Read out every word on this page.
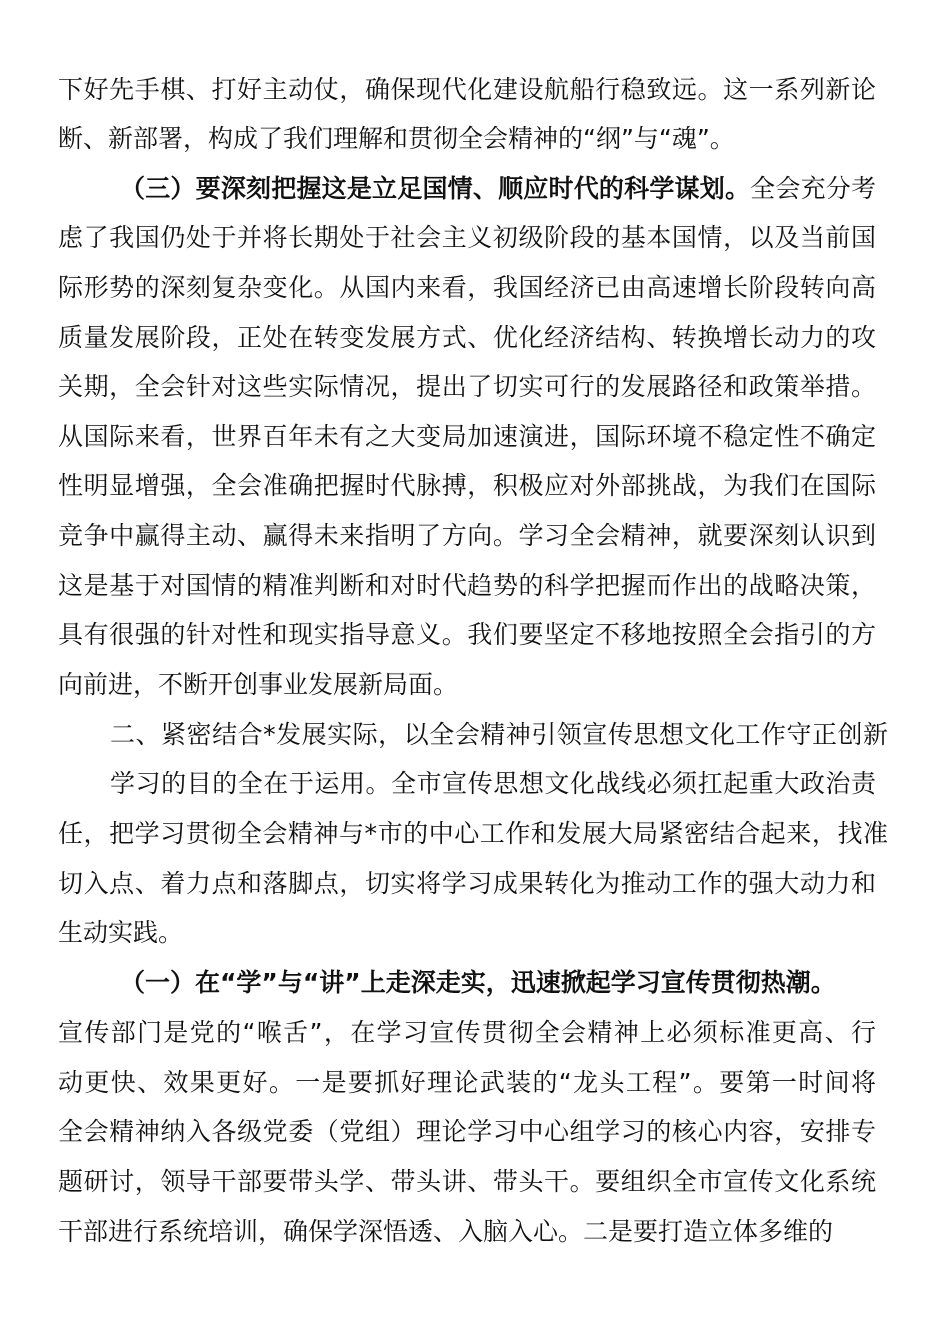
下好先手棋、打好主动仗，确保现代化建设航船行稳致远。这一系列新论
断、新部署，构成了我们理解和贯彻全会精神的“纲”与“魂”。
（三）要深刻把握这是立足国情、顺应时代的科学谋划。全会充分考
虑了我国仍处于并将长期处于社会主义初级阶段的基本国情，以及当前国
际形势的深刻复杂变化。从国内来看，我国经济已由高速增长阶段转向高
质量发展阶段，正处在转变发展方式、优化经济结构、转换增长动力的攻
关期，全会针对这些实际情况，提出了切实可行的发展路径和政策举措。
从国际来看，世界百年未有之大变局加速演进，国际环境不稳定性不确定
性明显增强，全会准确把握时代脉搏，积极应对外部挑战，为我们在国际
竞争中赢得主动、赢得未来指明了方向。学习全会精神，就要深刻认识到
这是基于对国情的精准判断和对时代趋势的科学把握而作出的战略决策，
具有很强的针对性和现实指导意义。我们要坚定不移地按照全会指引的方
向前进，不断开创事业发展新局面。
二、紧密结合*发展实际，以全会精神引领宣传思想文化工作守正创新
学习的目的全在于运用。全市宣传思想文化战线必须扛起重大政治责
任，把学习贯彻全会精神与*市的中心工作和发展大局紧密结合起来，找准
切入点、着力点和落脚点，切实将学习成果转化为推动工作的强大动力和
生动实践。
（一）在“学”与“讲”上走深走实，迅速掀起学习宣传贯彻热潮。
宣传部门是党的“喉舌”，在学习宣传贯彻全会精神上必须标准更高、行
动更快、效果更好。一是要抓好理论武装的“龙头工程”。要第一时间将
全会精神纳入各级党委（党组）理论学习中心组学习的核心内容，安排专
题研讨，领导干部要带头学、带头讲、带头干。要组织全市宣传文化系统
干部进行系统培训，确保学深悟透、入脑入心。二是要打造立体多维的
